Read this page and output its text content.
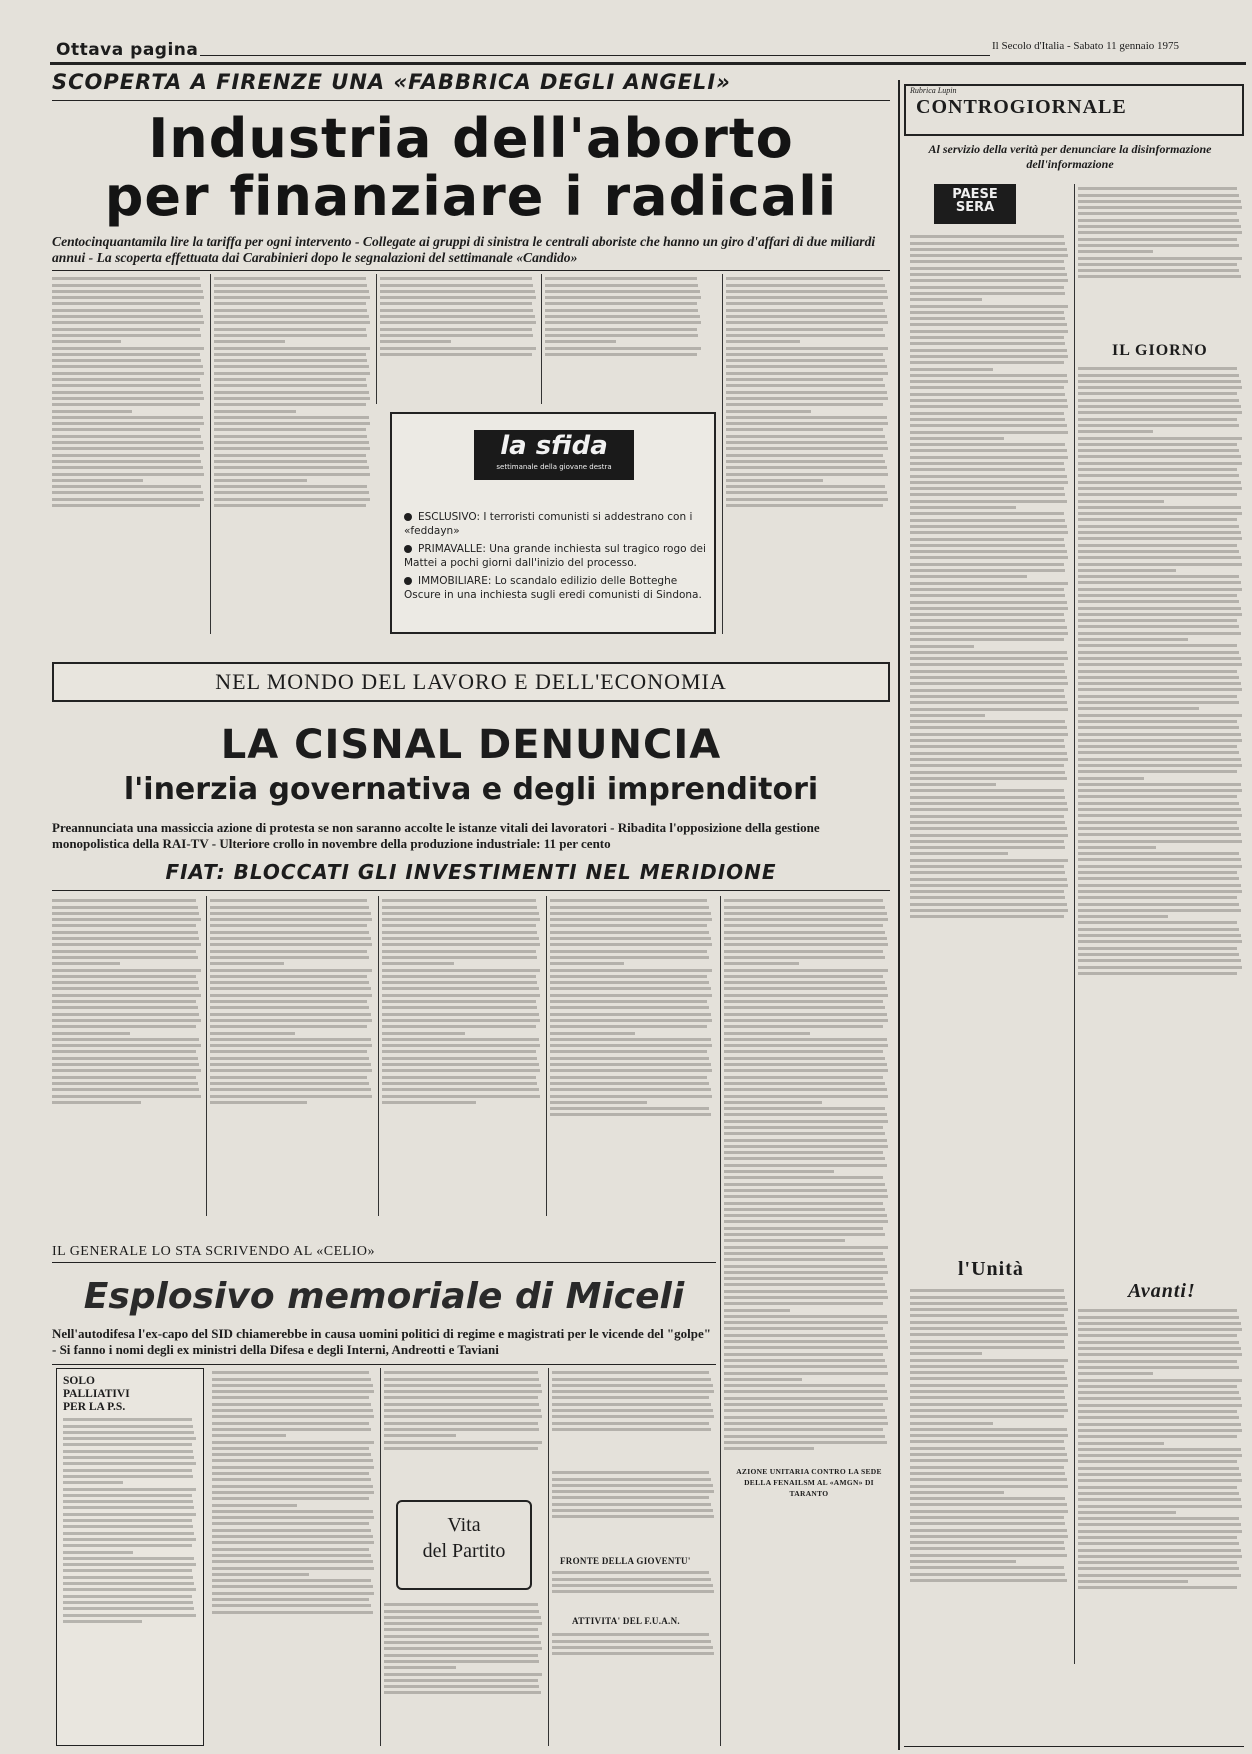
Ottava pagina	Il Secolo d'Italia - Sabato 11 gennaio 1975
SCOPERTA A FIRENZE UNA «FABBRICA DEGLI ANGELI»
Industria dell'aborto
per finanziare i radicali
Centocinquantamila lire la tariffa per ogni intervento - Collegate ai gruppi di sinistra le centrali aboriste che hanno un giro d'affari di due miliardi annui - La scoperta effettuata dai Carabinieri dopo le segnalazioni del settimanale «Candido»
la sfida
settimanale della giovane destra
ESCLUSIVO: I terroristi comunisti si addestrano con i «feddayn»
PRIMAVALLE: Una grande inchiesta sul tragico rogo dei Mattei a pochi giorni dall'inizio del processo.
IMMOBILIARE: Lo scandalo edilizio delle Botteghe Oscure in una inchiesta sugli eredi comunisti di Sindona.
NEL MONDO DEL LAVORO E DELL'ECONOMIA
LA CISNAL DENUNCIA
l'inerzia governativa e degli imprenditori
Preannunciata una massiccia azione di protesta se non saranno accolte le istanze vitali dei lavoratori - Ribadita l'opposizione della gestione monopolistica della RAI-TV - Ulteriore crollo in novembre della produzione industriale: 11 per cento
FIAT: BLOCCATI GLI INVESTIMENTI NEL MERIDIONE
IL GENERALE LO STA SCRIVENDO AL «CELIO»
Esplosivo memoriale di Miceli
Nell'autodifesa l'ex-capo del SID chiamerebbe in causa uomini politici di regime e magistrati per le vicende del "golpe" - Si fanno i nomi degli ex ministri della Difesa e degli Interni, Andreotti e Taviani
SOLO PALLIATIVI PER LA P.S.
Vita
del Partito	FRONTE DELLA GIOVENTU'
ATTIVITA' DEL F.U.A.N.
AZIONE UNITARIA CONTRO LA SEDE DELLA FENAILSM AL «AMGN» DI TARANTO
Rubrica Lupin
CONTROGIORNALE
Al servizio della verità per denunciare la disinformazione dell'informazione
PAESE
SERA
IL GIORNO
Avanti!
l'Unità
